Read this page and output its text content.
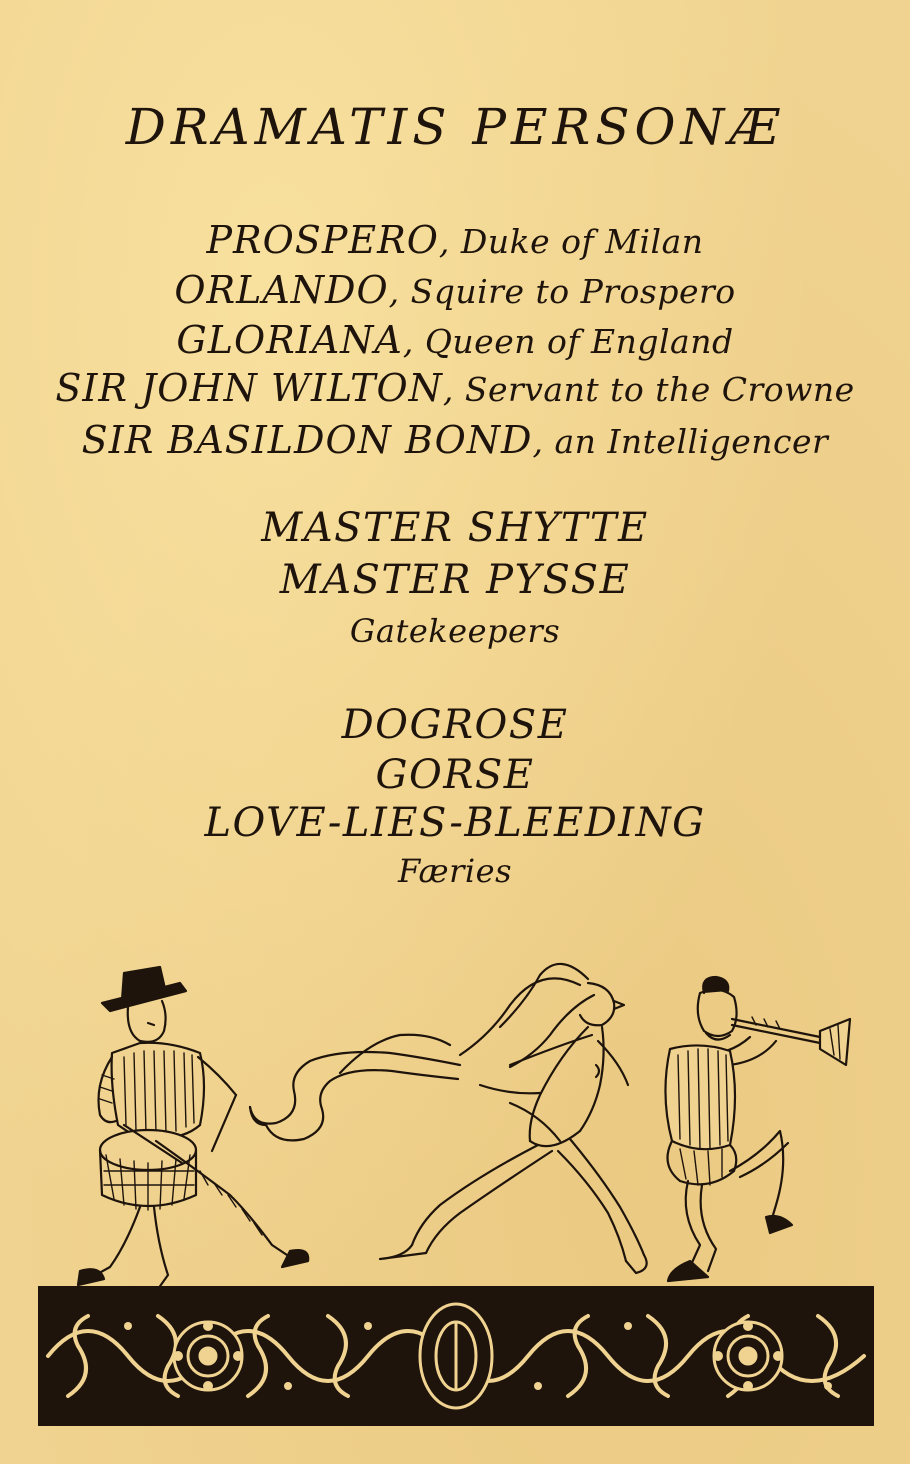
DRAMATIS PERSONÆ
PROSPERO, Duke of Milan
ORLANDO, Squire to Prospero
GLORIANA, Queen of England
SIR JOHN WILTON, Servant to the Crowne
SIR BASILDON BOND, an Intelligencer
MASTER SHYTTE
MASTER PYSSE
Gatekeepers
DOGROSE
GORSE
LOVE-LIES-BLEEDING
Færies
